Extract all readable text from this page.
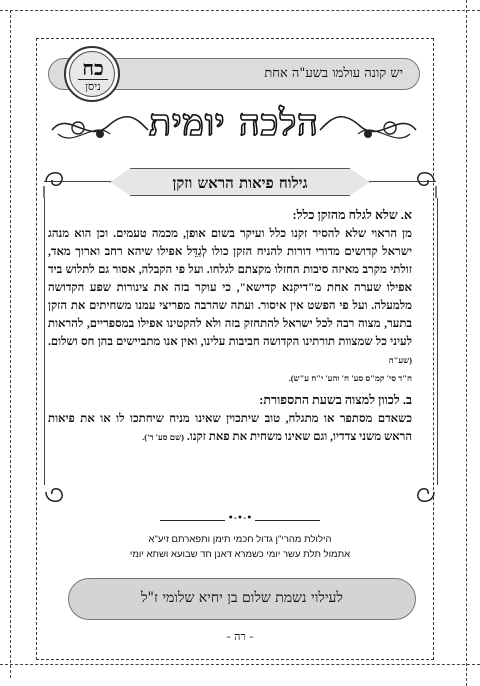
יש קונה עולמו בשע"ה אחת
כח
ניסן
הלכה יומית
גילוח פיאות הראש וזקן
א. שלא לגלח מהזקן כלל:
מן הראוי שלא להסיר זקנו כלל ועיקר בשום אופן, מכמה טעמים. וכן הוא מנהג ישראל קדושים מדורי דורות להניח הזקן כולו לְגַדֵּל אפילו שיהא רחב וארוך מאד, זולתי מקרב מאיזה סיבות החזלו מקצתם לגלחו. ועל פי הקבלה, אסור גם לתלוש ביד אפילו שערה אחת מ"דיקנא קדישא", כי עוקר בזה את צינורות שפע הקדושה מלמעלה. ועל פי הפשט אין איסור. ועתה שהרבה מפריצי עמנו משחיתים את הזקן בתער, מצוה רבה לכל ישראל להתחזק בזה ולא להקטינו אפילו במספריים, להראות לעיני כל שמצוות תורתינו הקדושה חביבות עלינו, ואין אנו מתביישים בהן חס ושלום. (שע"ה
ח"ד סי' קמ"ס סע' ח' והע' י"ח ע"ש).
ב. לכוון למצוה בשעת התספורת:
כשאדם מסתפר או מתגלח, טוב שיתכוין שאינו מניח שיחתכו לו או את פיאות הראש משני צדדיו, וגם שאינו משחית את פאת זקנו. (שם סע' ד').
•-•-•
הילולת מהרי"ן גדול חכמי תימן ותפארתם זיע"א
אתמול תלת עשר יומי כשמרא דאנן חד שבועא ושתא יומי
לעילוי נשמת שלום בן יחיא שלומי ז"ל
- רה -
